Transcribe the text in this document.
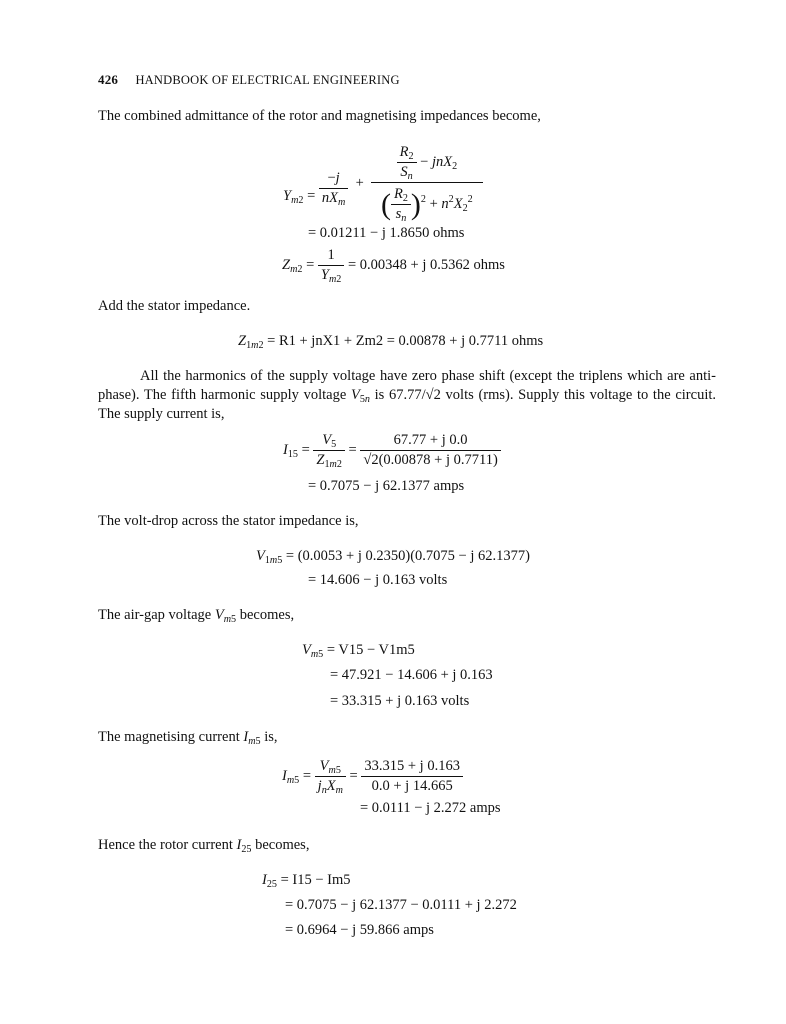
426 HANDBOOK OF ELECTRICAL ENGINEERING
The combined admittance of the rotor and magnetising impedances become,
$Y_{m2} = \frac{-j}{nX_m} + \frac{\frac{R_2}{S_n} - jnX_2}{( \frac{R_2}{s_n} )^2 + n^2X_2^2}$
= 0.01211 − j 1.8650 ohms
$Z_{m2} = \frac{1}{Y_{m2}} = 0.00348 + j$ 0.5362 ohms
Add the stator impedance.
$Z_{1m2} = R1 + jnX1 + Zm2 = 0.00878 + j$ 0.7711 ohms
All the harmonics of the supply voltage have zero phase shift (except the triplens which are anti-phase). The fifth harmonic supply voltage $V_{5n}$ is 67.77/√2 volts (rms). Supply this voltage to the circuit. The supply current is,
$I_{15} = \frac{V_5}{Z_{1m2}} = \frac{67.77 + j 0.0}{√2(0.00878 + j 0.7711)}$
= 0.7075 − j 62.1377 amps
The volt-drop across the stator impedance is,
$V_{1m5} = (0.0053 + j$ 0.2350)(0.7075 − j 62.1377)
= 14.606 − j 0.163 volts
The air-gap voltage $V_{m5}$ becomes,
$V_{m5} = V15 - V1m5$
= 47.921 − 14.606 + j 0.163
= 33.315 + j 0.163 volts
The magnetising current $I_{m5}$ is,
$I_{m5} = \frac{V_{m5}}{j_nX_m} = \frac{33.315 + j 0.163}{0.0 + j 14.665}$
= 0.0111 − j 2.272 amps
Hence the rotor current $I_{25}$ becomes,
$I_{25} = I15 - Im5$
= 0.7075 − j 62.1377 − 0.0111 + j 2.272
= 0.6964 − j 59.866 amps
